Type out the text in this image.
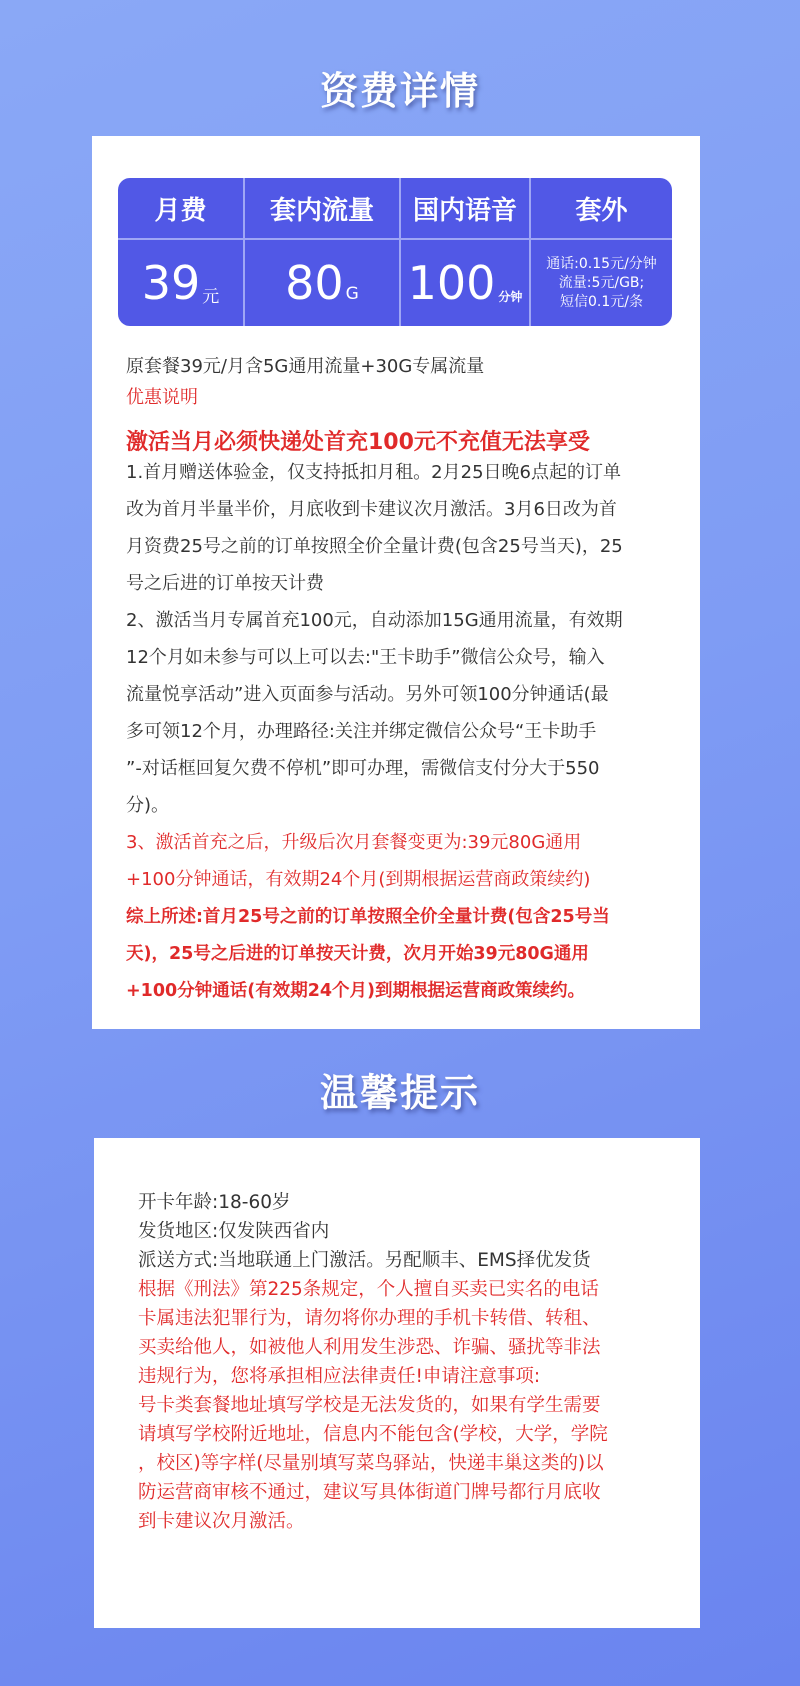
资费详情
月费	套内流量	国内语音	套外
39 元 80 G 100 分钟
通话:0.15元/分钟
流量:5元/GB;
短信0.1元/条
原套餐39元/月含5G通用流量+30G专属流量
优惠说明
激活当月必须快递处首充100元不充值无法享受
1.首月赠送体验金，仅支持抵扣月租。2月25日晚6点起的订单
改为首月半量半价，月底收到卡建议次月激活。3月6日改为首
月资费25号之前的订单按照全价全量计费(包含25号当天)，25
号之后进的订单按天计费
2、激活当月专属首充100元，自动添加15G通用流量，有效期
12个月如未参与可以上可以去:"王卡助手”微信公众号，输入
流量悦享活动”进入页面参与活动。另外可领100分钟通话(最
多可领12个月，办理路径:关注并绑定微信公众号“王卡助手
”-对话框回复欠费不停机”即可办理，需微信支付分大于550
分)。
3、激活首充之后，升级后次月套餐变更为:39元80G通用
+100分钟通话，有效期24个月(到期根据运营商政策续约)
综上所述:首月25号之前的订单按照全价全量计费(包含25号当
天)，25号之后进的订单按天计费，次月开始39元80G通用
+100分钟通话(有效期24个月)到期根据运营商政策续约。
温馨提示
开卡年龄:18-60岁
发货地区:仅发陕西省内
派送方式:当地联通上门激活。另配顺丰、EMS择优发货
根据《刑法》第225条规定，个人擅自买卖已实名的电话
卡属违法犯罪行为，请勿将你办理的手机卡转借、转租、
买卖给他人，如被他人利用发生涉恐、诈骗、骚扰等非法
违规行为，您将承担相应法律责任!申请注意事项:
号卡类套餐地址填写学校是无法发货的，如果有学生需要
请填写学校附近地址，信息内不能包含(学校，大学，学院
，校区)等字样(尽量别填写菜鸟驿站，快递丰巢这类的)以
防运营商审核不通过，建议写具体街道门牌号都行月底收
到卡建议次月激活。
